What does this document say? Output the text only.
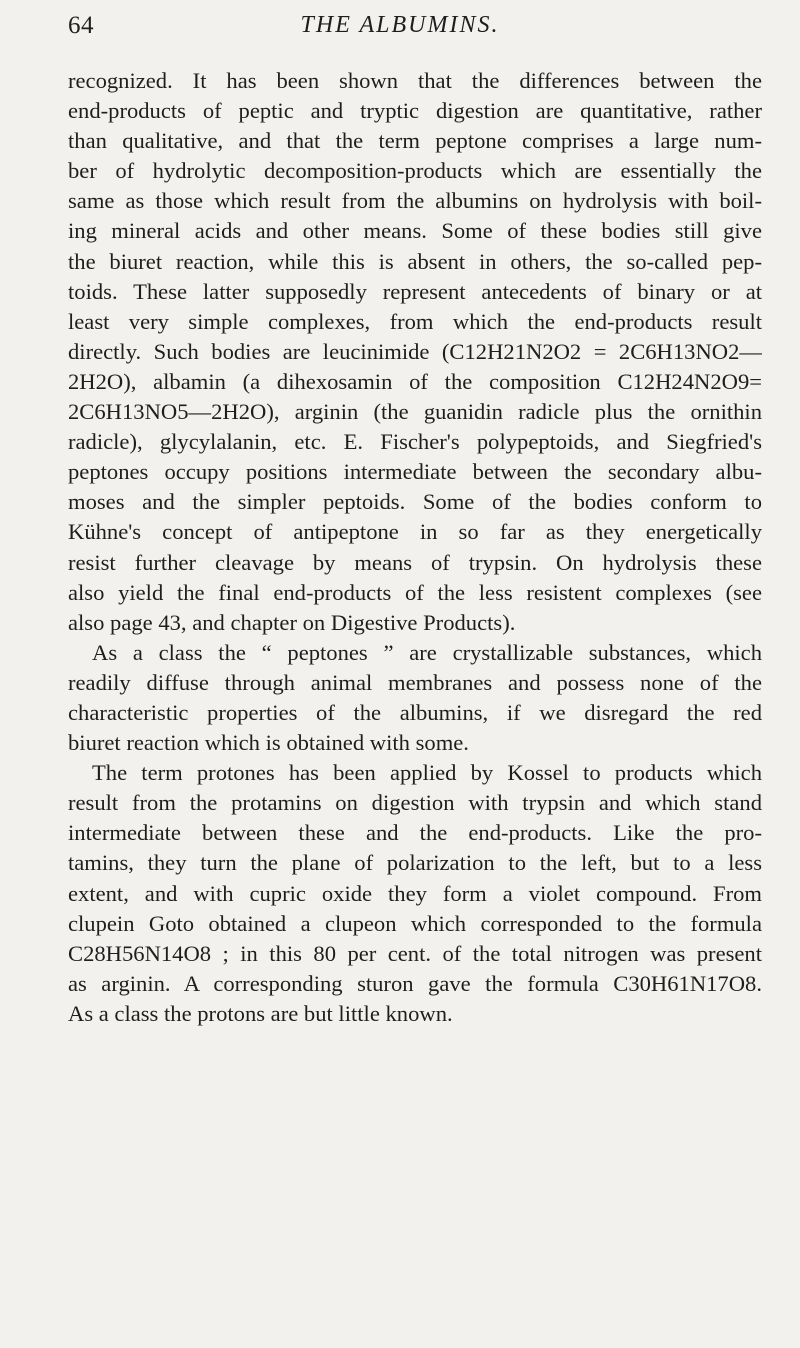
64	THE ALBUMINS.
recognized. It has been shown that the differences between the
end-products of peptic and tryptic digestion are quantitative, rather
than qualitative, and that the term peptone comprises a large num-
ber of hydrolytic decomposition-products which are essentially the
same as those which result from the albumins on hydrolysis with boil-
ing mineral acids and other means. Some of these bodies still give
the biuret reaction, while this is absent in others, the so-called pep-
toids. These latter supposedly represent antecedents of binary or at
least very simple complexes, from which the end-products result
directly. Such bodies are leucinimide (C12H21N2O2 = 2C6H13NO2—
2H2O), albamin (a dihexosamin of the composition C12H24N2O9=
2C6H13NO5—2H2O), arginin (the guanidin radicle plus the ornithin
radicle), glycylalanin, etc. E. Fischer's polypeptoids, and Siegfried's
peptones occupy positions intermediate between the secondary albu-
moses and the simpler peptoids. Some of the bodies conform to
Kühne's concept of antipeptone in so far as they energetically
resist further cleavage by means of trypsin. On hydrolysis these
also yield the final end-products of the less resistent complexes (see
also page 43, and chapter on Digestive Products).
As a class the “ peptones ” are crystallizable substances, which
readily diffuse through animal membranes and possess none of the
characteristic properties of the albumins, if we disregard the red
biuret reaction which is obtained with some.
The term protones has been applied by Kossel to products which
result from the protamins on digestion with trypsin and which stand
intermediate between these and the end-products. Like the pro-
tamins, they turn the plane of polarization to the left, but to a less
extent, and with cupric oxide they form a violet compound. From
clupein Goto obtained a clupeon which corresponded to the formula
C28H56N14O8 ; in this 80 per cent. of the total nitrogen was present
as arginin. A corresponding sturon gave the formula C30H61N17O8.
As a class the protons are but little known.
